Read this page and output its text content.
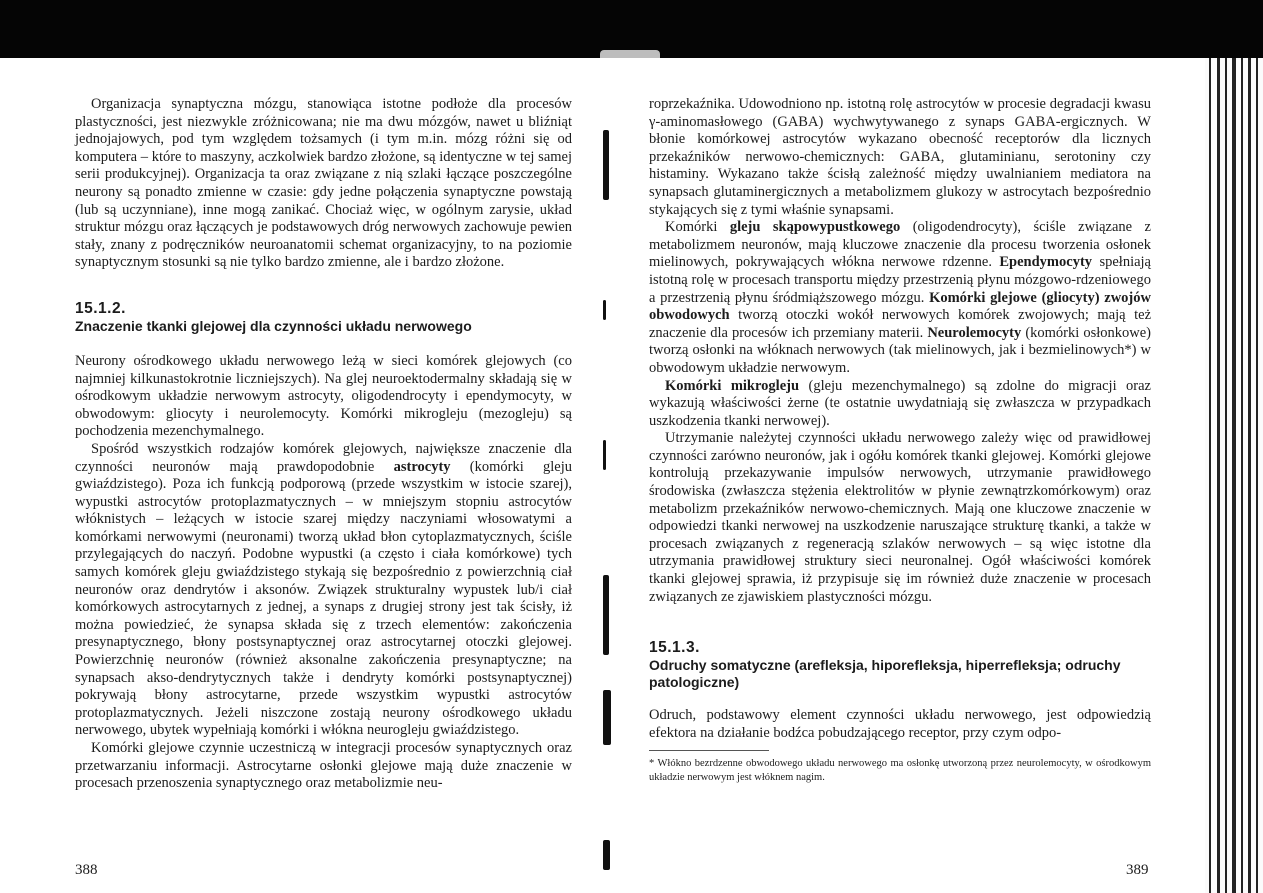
Organizacja synaptyczna mózgu, stanowiąca istotne podłoże dla procesów plastyczności, jest niezwykle zróżnicowana; nie ma dwu mózgów, nawet u bliźniąt jednojajowych, pod tym względem tożsamych (i tym m.in. mózg różni się od komputera – które to maszyny, aczkolwiek bardzo złożone, są identyczne w tej samej serii produkcyjnej). Organizacja ta oraz związane z nią szlaki łączące poszczególne neurony są ponadto zmienne w czasie: gdy jedne połączenia synaptyczne powstają (lub są uczynniane), inne mogą zanikać. Chociaż więc, w ogólnym zarysie, układ struktur mózgu oraz łączących je podstawowych dróg nerwowych zachowuje pewien stały, znany z podręczników neuroanatomii schemat organizacyjny, to na poziomie synaptycznym stosunki są nie tylko bardzo zmienne, ale i bardzo złożone.

15.1.2.
Znaczenie tkanki glejowej dla czynności układu nerwowego

Neurony ośrodkowego układu nerwowego leżą w sieci komórek glejowych (co najmniej kilkunastokrotnie liczniejszych). Na glej neuroektodermalny składają się w ośrodkowym układzie nerwowym astrocyty, oligodendrocyty i ependymocyty, w obwodowym: gliocyty i neurolemocyty. Komórki mikrogleju (mezogleju) są pochodzenia mezenchymalnego.

Spośród wszystkich rodzajów komórek glejowych, największe znaczenie dla czynności neuronów mają prawdopodobnie astrocyty (komórki gleju gwiaździstego). Poza ich funkcją podporową (przede wszystkim w istocie szarej), wypustki astrocytów protoplazmatycznych – w mniejszym stopniu astrocytów włóknistych – leżących w istocie szarej między naczyniami włosowatymi a komórkami nerwowymi (neuronami) tworzą układ błon cytoplazmatycznych, ściśle przylegających do naczyń. Podobne wypustki (a często i ciała komórkowe) tych samych komórek gleju gwiaździstego stykają się bezpośrednio z powierzchnią ciał neuronów oraz dendrytów i aksonów. Związek strukturalny wypustek lub/i ciał komórkowych astrocytarnych z jednej, a synaps z drugiej strony jest tak ścisły, iż można powiedzieć, że synapsa składa się z trzech elementów: zakończenia presynaptycznego, błony postsynaptycznej oraz astrocytarnej otoczki glejowej. Powierzchnię neuronów (również aksonalne zakończenia presynaptyczne; na synapsach akso-dendrytycznych także i dendryty komórki postsynaptycznej) pokrywają błony astrocytarne, przede wszystkim wypustki astrocytów protoplazmatycznych. Jeżeli niszczone zostają neurony ośrodkowego układu nerwowego, ubytek wypełniają komórki i włókna neurogleju gwiaździstego.

Komórki glejowe czynnie uczestniczą w integracji procesów synaptycznych oraz przetwarzaniu informacji. Astrocytarne osłonki glejowe mają duże znaczenie w procesach przenoszenia synaptycznego oraz metabolizmie neu-

388

roprzekaźnika. Udowodniono np. istotną rolę astrocytów w procesie degradacji kwasu γ-aminomasłowego (GABA) wychwytywanego z synaps GABA-ergicznych. W błonie komórkowej astrocytów wykazano obecność receptorów dla licznych przekaźników nerwowo-chemicznych: GABA, glutaminianu, serotoniny czy histaminy. Wykazano także ścisłą zależność między uwalnianiem mediatora na synapsach glutaminergicznych a metabolizmem glukozy w astrocytach bezpośrednio stykających się z tymi właśnie synapsami.

Komórki gleju skąpowypustkowego (oligodendrocyty), ściśle związane z metabolizmem neuronów, mają kluczowe znaczenie dla procesu tworzenia osłonek mielinowych, pokrywających włókna nerwowe rdzenne. Ependymocyty spełniają istotną rolę w procesach transportu między przestrzenią płynu mózgowo-rdzeniowego a przestrzenią płynu śródmiąższowego mózgu. Komórki glejowe (gliocyty) zwojów obwodowych tworzą otoczki wokół nerwowych komórek zwojowych; mają też znaczenie dla procesów ich przemiany materii. Neurolemocyty (komórki osłonkowe) tworzą osłonki na włóknach nerwowych (tak mielinowych, jak i bezmielinowych*) w obwodowym układzie nerwowym.

Komórki mikrogleju (gleju mezenchymalnego) są zdolne do migracji oraz wykazują właściwości żerne (te ostatnie uwydatniają się zwłaszcza w przypadkach uszkodzenia tkanki nerwowej).

Utrzymanie należytej czynności układu nerwowego zależy więc od prawidłowej czynności zarówno neuronów, jak i ogółu komórek tkanki glejowej. Komórki glejowe kontrolują przekazywanie impulsów nerwowych, utrzymanie prawidłowego środowiska (zwłaszcza stężenia elektrolitów w płynie zewnątrzkomórkowym) oraz metabolizm przekaźników nerwowo-chemicznych. Mają one kluczowe znaczenie w odpowiedzi tkanki nerwowej na uszkodzenie naruszające strukturę tkanki, a także w procesach związanych z regeneracją szlaków nerwowych – są więc istotne dla utrzymania prawidłowej struktury sieci neuronalnej. Ogół właściwości komórek tkanki glejowej sprawia, iż przypisuje się im również duże znaczenie w procesach związanych ze zjawiskiem plastyczności mózgu.

15.1.3.
Odruchy somatyczne (arefleksja, hiporefleksja, hiperrefleksja; odruchy patologiczne)

Odruch, podstawowy element czynności układu nerwowego, jest odpowiedzią efektora na działanie bodźca pobudzającego receptor, przy czym odpo-

* Włókno bezrdzenne obwodowego układu nerwowego ma osłonkę utworzoną przez neurolemocyty, w ośrodkowym układzie nerwowym jest włóknem nagim.
389
